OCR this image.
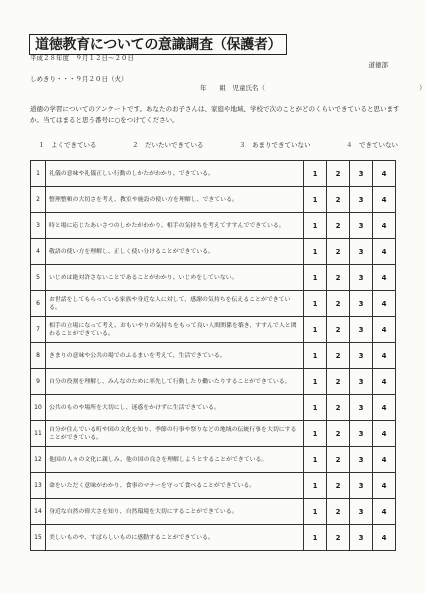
道徳教育についての意識調査（保護者）
平成２８年度　９月１２日～２０日
道徳部
しめきり・・・９月２０日（火）
年　　組　児童氏名（	）
道徳の学習についてのアンケートです。あなたのお子さんは、家庭や地域、学校で次のことがどのくらいできていると思いますか。当てはまると思う番号に○をつけてください。
１　よくできている	２　だいたいできている	３　あまりできていない	４　できていない
1	礼儀の意味や礼儀正しい行動のしかたがわかり、できている。	1	2	3	4
2	整理整頓の大切さを考え、教室や施設の使い方を理解し、できている。	1	2	3	4
3	時と場に応じたあいさつのしかたがわかり、相手の気持ちを考えてすすんでできている。	1	2	3	4
4	敬語の使い方を理解し、正しく使い分けることができている。	1	2	3	4
5	いじめは絶対許さないことであることがわかり、いじめをしていない。	1	2	3	4
6	お世話をしてもらっている家族や身近な人に対して、感謝の気持ちを伝えることができている。	1	2	3	4
7	相手の立場になって考え、おもいやりの気持ちをもって良い人間関係を築き、すすんで人と関わることができている。	1	2	3	4
8	きまりの意味や公共の場でのふるまいを考えて、生活できている。	1	2	3	4
9	自分の役割を理解し、みんなのために率先して行動したり働いたりすることができている。	1	2	3	4
10	公共のものや場所を大切にし、迷惑をかけずに生活できている。	1	2	3	4
11	自分が住んでいる町や国の文化を知り、季節の行事や祭りなどの地域の伝統行事を大切にすることができている。	1	2	3	4
12	他国の人々の文化に親しみ、他の国の良さを理解しようとすることができている。	1	2	3	4
13	命をいただく意味がわかり、食事のマナーを守って食べることができている。	1	2	3	4
14	身近な自然の偉大さを知り、自然環境を大切にすることができている。	1	2	3	4
15	美しいものや、すばらしいものに感動することができている。	1	2	3	4
